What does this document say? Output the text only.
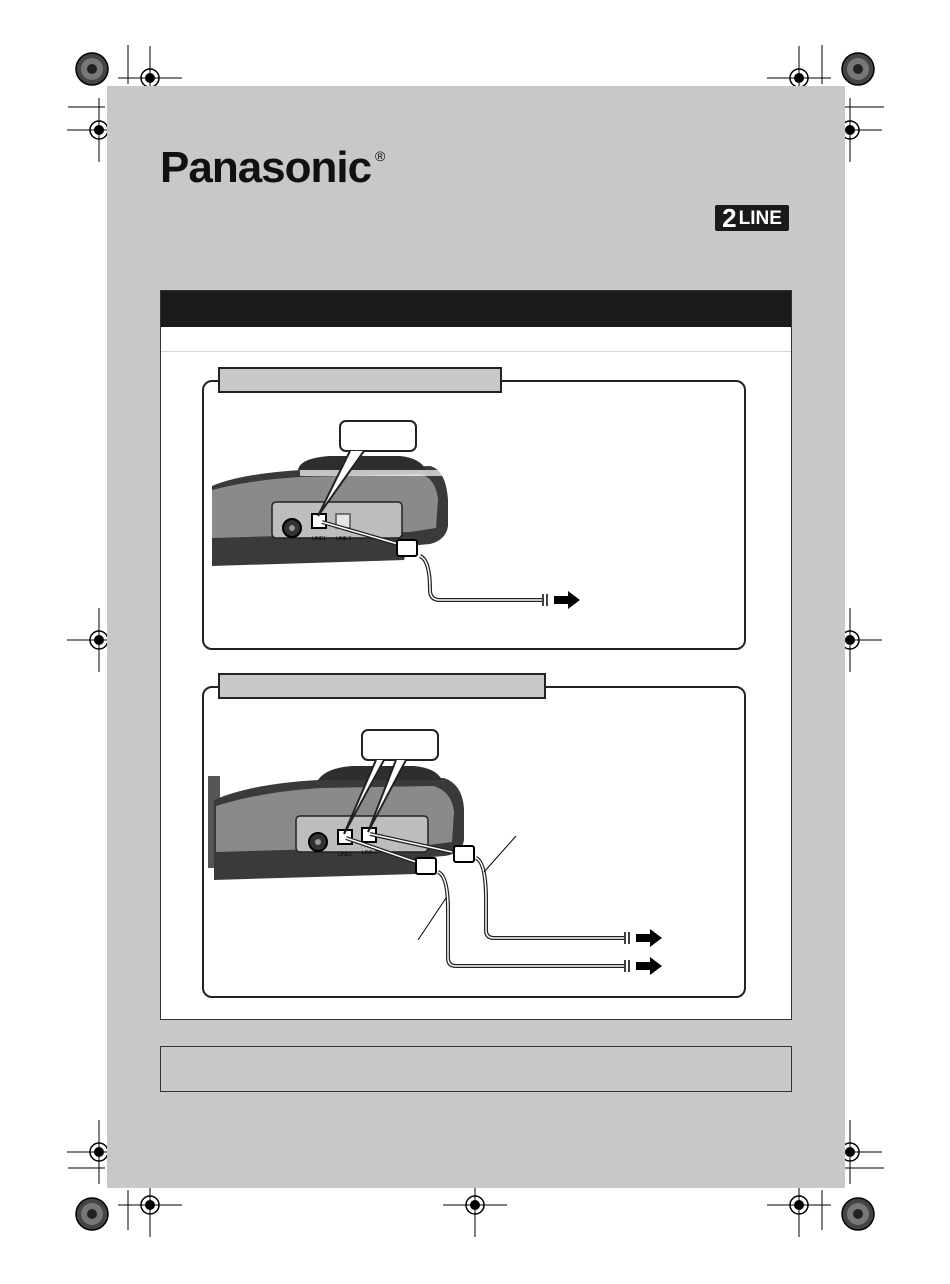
Panasonic ®
2 LINE
LINE1 LINE 2
LINE1 LINE 2
